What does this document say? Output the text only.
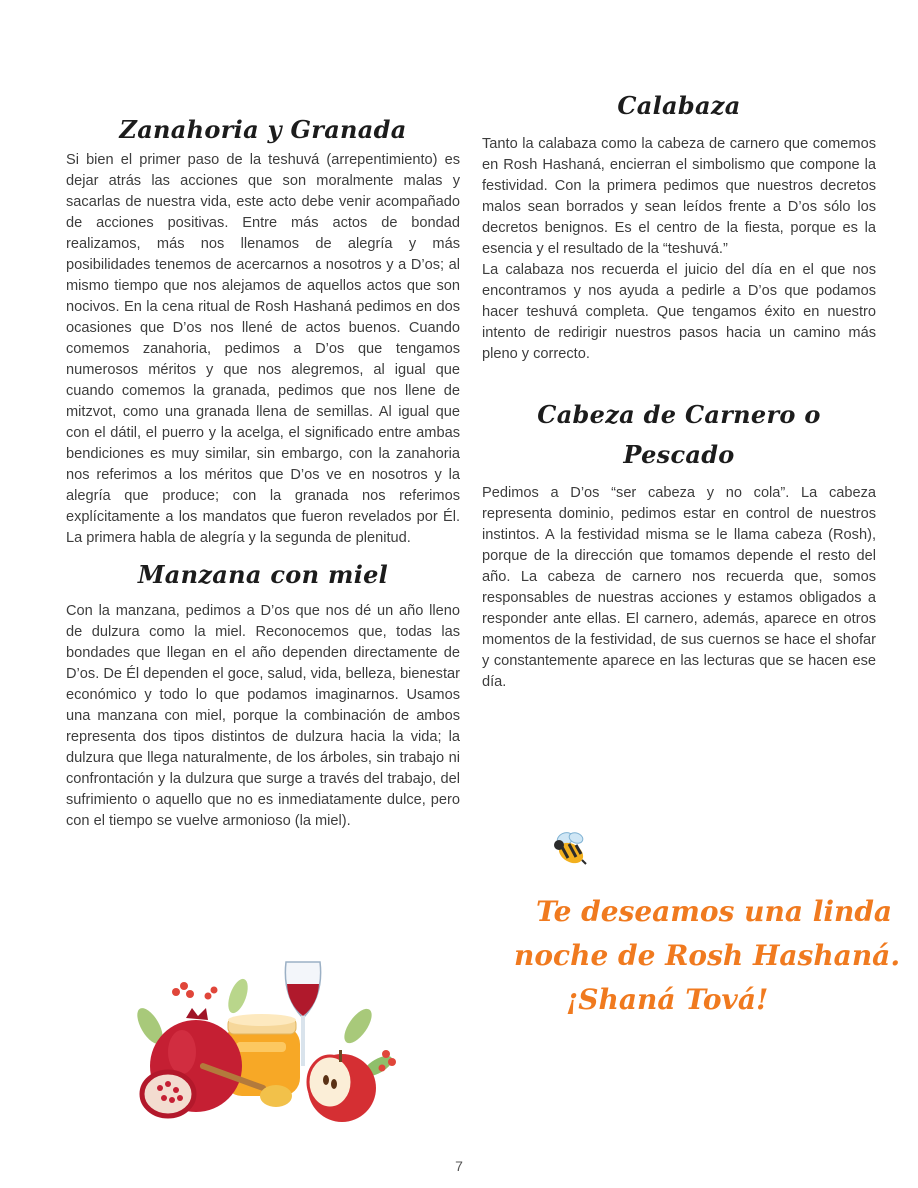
Zanahoria y Granada

Si bien el primer paso de la teshuvá (arrepentimiento) es dejar atrás las acciones que son moralmente malas y sacarlas de nuestra vida, este acto debe venir acompañado de acciones positivas. Entre más actos de bondad realizamos, más nos llenamos de alegría y más posibilidades tenemos de acercarnos a nosotros y a D’os; al mismo tiempo que nos alejamos de aquellos actos que son nocivos. En la cena ritual de Rosh Hashaná pedimos en dos ocasiones que D’os nos llené de actos buenos. Cuando comemos zanahoria, pedimos a D’os que tengamos numerosos méritos y que nos alegremos, al igual que cuando comemos la granada, pedimos que nos llene de mitzvot, como una granada llena de semillas. Al igual que con el dátil, el puerro y la acelga, el significado entre ambas bendiciones es muy similar, sin embargo, con la zanahoria nos referimos a los méritos que D’os ve en nosotros y la alegría que produce; con la granada nos referimos explícitamente a los mandatos que fueron revelados por Él. La primera habla de alegría y la segunda de plenitud.

Manzana con miel

Con la manzana, pedimos a D’os que nos dé un año lleno de dulzura como la miel. Reconocemos que, todas las bondades que llegan en el año dependen directamente de D’os. De Él dependen el goce, salud, vida, belleza, bienestar económico y todo lo que podamos imaginarnos. Usamos una manzana con miel, porque la combinación de ambos representa dos tipos distintos de dulzura hacia la vida; la dulzura que llega naturalmente, de los árboles, sin trabajo ni confrontación y la dulzura que surge a través del trabajo, del sufrimiento o aquello que no es inmediatamente dulce, pero con el tiempo se vuelve armonioso (la miel).

Calabaza

Tanto la calabaza como la cabeza de carnero que comemos en Rosh Hashaná, encierran el simbolismo que compone la festividad. Con la primera pedimos que nuestros decretos malos sean borrados y sean leídos frente a D’os sólo los decretos benignos. Es el centro de la fiesta, porque es la esencia y el resultado de la “teshuvá.”

La calabaza nos recuerda el juicio del día en el que nos encontramos y nos ayuda a pedirle a D’os que podamos hacer teshuvá completa. Que tengamos éxito en nuestro intento de redirigir nuestros pasos hacia un camino más pleno y correcto.

Cabeza de Carnero o Pescado

Pedimos a D’os “ser cabeza y no cola”. La cabeza representa dominio, pedimos estar en control de nuestros instintos. A la festividad misma se le llama cabeza (Rosh), porque de la dirección que tomamos depende el resto del año. La cabeza de carnero nos recuerda que, somos responsables de nuestras acciones y estamos obligados a responder ante ellas. El carnero, además, aparece en otros momentos de la festividad, de sus cuernos se hace el shofar y constantemente aparece en las lecturas que se hacen ese día.

Te deseamos una linda
noche de Rosh Hashaná.
¡Shaná Tová!
7
